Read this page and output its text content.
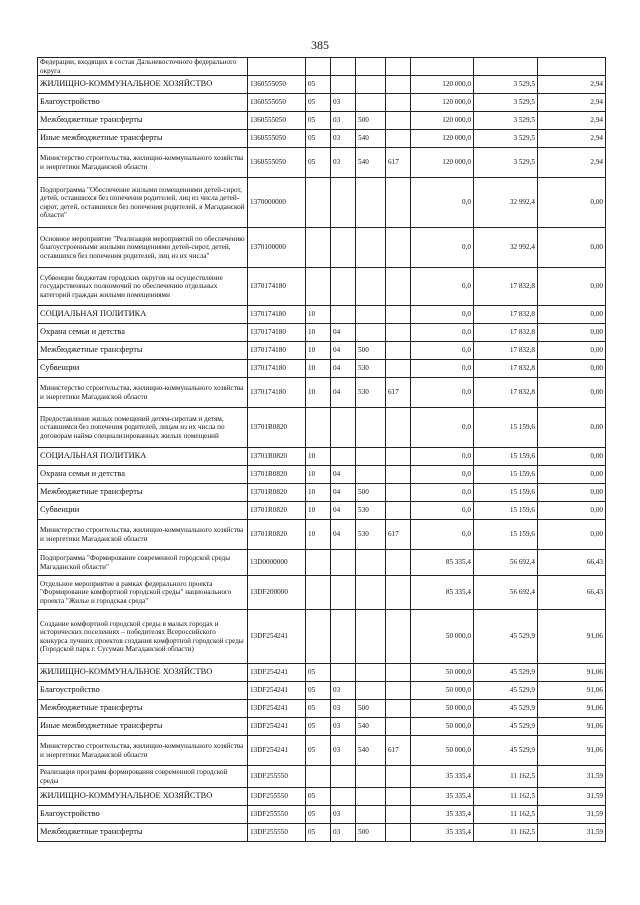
385
Федерации, входящих в состав Дальневосточного федерального округа								
ЖИЛИЩНО-КОММУНАЛЬНОЕ ХОЗЯЙСТВО	1360555050	05				120 000,0	3 529,5	2,94
Благоустройство	1360555050	05	03			120 000,0	3 529,5	2,94
Межбюджетные трансферты	1360555050	05	03	500		120 000,0	3 529,5	2,94
Иные межбюджетные трансферты	1360555050	05	03	540		120 000,0	3 529,5	2,94
Министерство строительства, жилищно-коммунального хозяйства и энергетики Магаданской области	1360555050	05	03	540	617	120 000,0	3 529,5	2,94
Подпрограмма "Обеспечение жилыми помещениями детей-сирот, детей, оставшихся без попечения родителей, лиц из числа детей-сирот, детей, оставшихся без попечения родителей, в Магаданской области"	1370000000					0,0	32 992,4	0,00
Основное мероприятие "Реализация мероприятий по обеспечению благоустроенными жилыми помещениями детей-сирот, детей, оставшихся без попечения родителей, лиц из их числа"	1370100000					0,0	32 992,4	0,00
Субвенции бюджетам городских округов на осуществление государственных полномочий по обеспечению отдельных категорий граждан жилыми помещениями	1370174180					0,0	17 832,8	0,00
СОЦИАЛЬНАЯ ПОЛИТИКА	1370174180	10				0,0	17 832,8	0,00
Охрана семьи и детства	1370174180	10	04			0,0	17 832,8	0,00
Межбюджетные трансферты	1370174180	10	04	500		0,0	17 832,8	0,00
Субвенции	1370174180	10	04	530		0,0	17 832,8	0,00
Министерство строительства, жилищно-коммунального хозяйства и энергетики Магаданской области	1370174180	10	04	530	617	0,0	17 832,8	0,00
Предоставление жилых помещений детям-сиротам и детям, оставшимся без попечения родителей, лицам из их числа по договорам найма специализированных жилых помещений	13701R0820					0,0	15 159,6	0,00
СОЦИАЛЬНАЯ ПОЛИТИКА	13701R0820	10				0,0	15 159,6	0,00
Охрана семьи и детства	13701R0820	10	04			0,0	15 159,6	0,00
Межбюджетные трансферты	13701R0820	10	04	500		0,0	15 159,6	0,00
Субвенции	13701R0820	10	04	530		0,0	15 159,6	0,00
Министерство строительства, жилищно-коммунального хозяйства и энергетики Магаданской области	13701R0820	10	04	530	617	0,0	15 159,6	0,00
Подпрограмма "Формирование современной городской среды Магаданской области"	13D0000000					85 335,4	56 692,4	66,43
Отдельное мероприятие в рамках федерального проекта "Формирование комфортной городской среды" национального проекта "Жилье и городская среда"	13DF200000					85 335,4	56 692,4	66,43
Создание комфортной городской среды в малых городах и исторических поселениях – победителях Всероссийского конкурса лучших проектов создания комфортной городской среды (Городской парк г. Сусуман Магаданской области)	13DF254241					50 000,0	45 529,9	91,06
ЖИЛИЩНО-КОММУНАЛЬНОЕ ХОЗЯЙСТВО	13DF254241	05				50 000,0	45 529,9	91,06
Благоустройство	13DF254241	05	03			50 000,0	45 529,9	91,06
Межбюджетные трансферты	13DF254241	05	03	500		50 000,0	45 529,9	91,06
Иные межбюджетные трансферты	13DF254241	05	03	540		50 000,0	45 529,9	91,06
Министерство строительства, жилищно-коммунального хозяйства и энергетики Магаданской области	13DF254241	05	03	540	617	50 000,0	45 529,9	91,06
Реализация программ формирования современной городской среды	13DF255550					35 335,4	11 162,5	31,59
ЖИЛИЩНО-КОММУНАЛЬНОЕ ХОЗЯЙСТВО	13DF255550	05				35 335,4	11 162,5	31,59
Благоустройство	13DF255550	05	03			35 335,4	11 162,5	31,59
Межбюджетные трансферты	13DF255550	05	03	500		35 335,4	11 162,5	31,59
